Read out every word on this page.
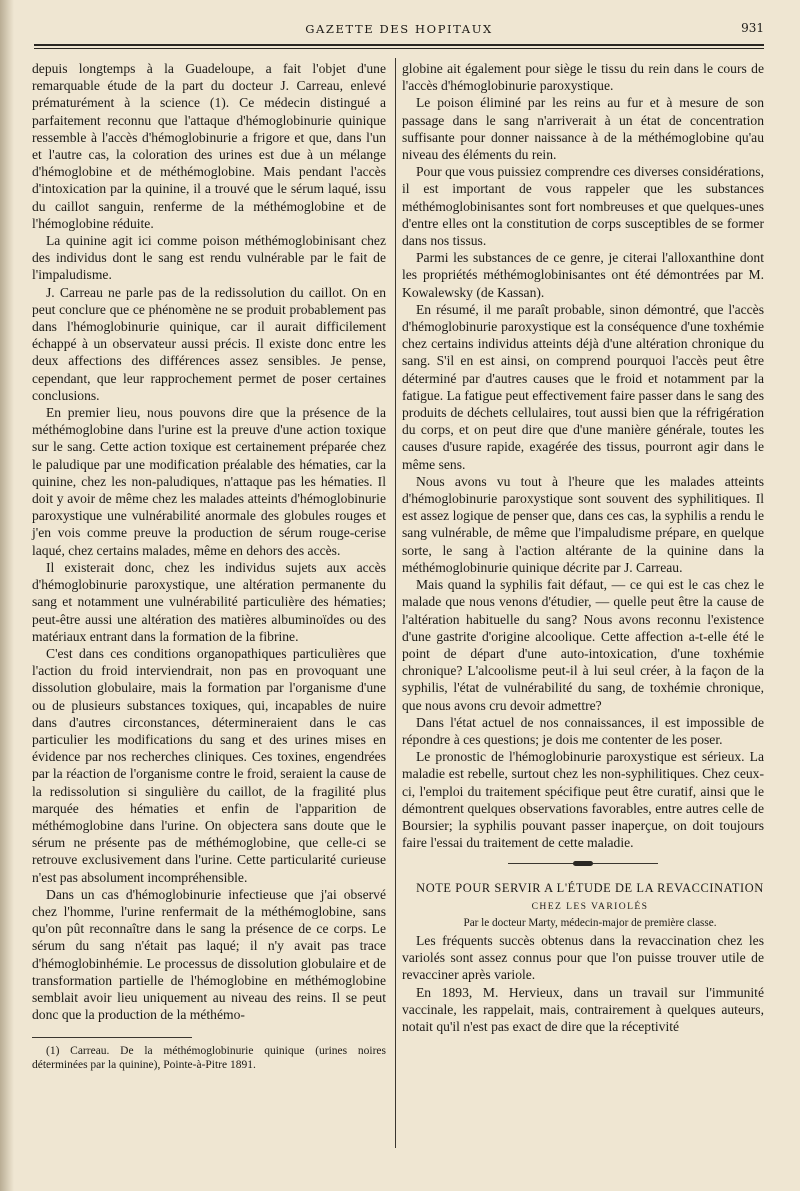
GAZETTE DES HOPITAUX	931

depuis longtemps à la Guadeloupe, a fait l'objet d'une remarquable étude de la part du docteur J. Carreau, enlevé prématurément à la science (1). Ce médecin distingué a parfaitement reconnu que l'attaque d'hémoglobinurie quinique ressemble à l'accès d'hémoglobinurie a frigore et que, dans l'un et l'autre cas, la coloration des urines est due à un mélange d'hémoglobine et de méthémoglobine. Mais pendant l'accès d'intoxication par la quinine, il a trouvé que le sérum laqué, issu du caillot sanguin, renferme de la méthémoglobine et de l'hémoglobine réduite.

La quinine agit ici comme poison méthémoglobinisant chez des individus dont le sang est rendu vulnérable par le fait de l'impaludisme.

J. Carreau ne parle pas de la redissolution du caillot. On en peut conclure que ce phénomène ne se produit probablement pas dans l'hémoglobinurie quinique, car il aurait difficilement échappé à un observateur aussi précis. Il existe donc entre les deux affections des différences assez sensibles. Je pense, cependant, que leur rapprochement permet de poser certaines conclusions.

En premier lieu, nous pouvons dire que la présence de la méthémoglobine dans l'urine est la preuve d'une action toxique sur le sang. Cette action toxique est certainement préparée chez le paludique par une modification préalable des hématies, car la quinine, chez les non-paludiques, n'attaque pas les hématies. Il doit y avoir de même chez les malades atteints d'hémoglobinurie paroxystique une vulnérabilité anormale des globules rouges et j'en vois comme preuve la production de sérum rouge-cerise laqué, chez certains malades, même en dehors des accès.

Il existerait donc, chez les individus sujets aux accès d'hémoglobinurie paroxystique, une altération permanente du sang et notamment une vulnérabilité particulière des hématies; peut-être aussi une altération des matières albuminoïdes ou des matériaux entrant dans la formation de la fibrine.

C'est dans ces conditions organopathiques particulières que l'action du froid interviendrait, non pas en provoquant une dissolution globulaire, mais la formation par l'organisme d'une ou de plusieurs substances toxiques, qui, incapables de nuire dans d'autres circonstances, détermineraient dans le cas particulier les modifications du sang et des urines mises en évidence par nos recherches cliniques. Ces toxines, engendrées par la réaction de l'organisme contre le froid, seraient la cause de la redissolution si singulière du caillot, de la fragilité plus marquée des hématies et enfin de l'apparition de méthémoglobine dans l'urine. On objectera sans doute que le sérum ne présente pas de méthémoglobine, que celle-ci se retrouve exclusivement dans l'urine. Cette particularité curieuse n'est pas absolument incompréhensible.

Dans un cas d'hémoglobinurie infectieuse que j'ai observé chez l'homme, l'urine renfermait de la méthémoglobine, sans qu'on pût reconnaître dans le sang la présence de ce corps. Le sérum du sang n'était pas laqué; il n'y avait pas trace d'hémoglobinhémie. Le processus de dissolution globulaire et de transformation partielle de l'hémoglobine en méthémoglobine semblait avoir lieu uniquement au niveau des reins. Il se peut donc que la production de la méthémo-

(1) Carreau. De la méthémoglobinurie quinique (urines noires déterminées par la quinine), Pointe-à-Pitre 1891.

globine ait également pour siège le tissu du rein dans le cours de l'accès d'hémoglobinurie paroxystique.

Le poison éliminé par les reins au fur et à mesure de son passage dans le sang n'arriverait à un état de concentration suffisante pour donner naissance à de la méthémoglobine qu'au niveau des éléments du rein.

Pour que vous puissiez comprendre ces diverses considérations, il est important de vous rappeler que les substances méthémoglobinisantes sont fort nombreuses et que quelques-unes d'entre elles ont la constitution de corps susceptibles de se former dans nos tissus.

Parmi les substances de ce genre, je citerai l'alloxanthine dont les propriétés méthémoglobinisantes ont été démontrées par M. Kowalewsky (de Kassan).

En résumé, il me paraît probable, sinon démontré, que l'accès d'hémoglobinurie paroxystique est la conséquence d'une toxhémie chez certains individus atteints déjà d'une altération chronique du sang. S'il en est ainsi, on comprend pourquoi l'accès peut être déterminé par d'autres causes que le froid et notamment par la fatigue. La fatigue peut effectivement faire passer dans le sang des produits de déchets cellulaires, tout aussi bien que la réfrigération du corps, et on peut dire que d'une manière générale, toutes les causes d'usure rapide, exagérée des tissus, pourront agir dans le même sens.

Nous avons vu tout à l'heure que les malades atteints d'hémoglobinurie paroxystique sont souvent des syphilitiques. Il est assez logique de penser que, dans ces cas, la syphilis a rendu le sang vulnérable, de même que l'impaludisme prépare, en quelque sorte, le sang à l'action altérante de la quinine dans la méthémoglobinurie quinique décrite par J. Carreau.

Mais quand la syphilis fait défaut, — ce qui est le cas chez le malade que nous venons d'étudier, — quelle peut être la cause de l'altération habituelle du sang? Nous avons reconnu l'existence d'une gastrite d'origine alcoolique. Cette affection a-t-elle été le point de départ d'une auto-intoxication, d'une toxhémie chronique? L'alcoolisme peut-il à lui seul créer, à la façon de la syphilis, l'état de vulnérabilité du sang, de toxhémie chronique, que nous avons cru devoir admettre?

Dans l'état actuel de nos connaissances, il est impossible de répondre à ces questions; je dois me contenter de les poser.

Le pronostic de l'hémoglobinurie paroxystique est sérieux. La maladie est rebelle, surtout chez les non-syphilitiques. Chez ceux-ci, l'emploi du traitement spécifique peut être curatif, ainsi que le démontrent quelques observations favorables, entre autres celle de Boursier; la syphilis pouvant passer inaperçue, on doit toujours faire l'essai du traitement de cette maladie.

NOTE POUR SERVIR A L'ÉTUDE DE LA REVACCINATION

CHEZ LES VARIOLÉS

Par le docteur Marty, médecin-major de première classe.

Les fréquents succès obtenus dans la revaccination chez les variolés sont assez connus pour que l'on puisse trouver utile de revacciner après variole.

En 1893, M. Hervieux, dans un travail sur l'immunité vaccinale, les rappelait, mais, contrairement à quelques auteurs, notait qu'il n'est pas exact de dire que la réceptivité
